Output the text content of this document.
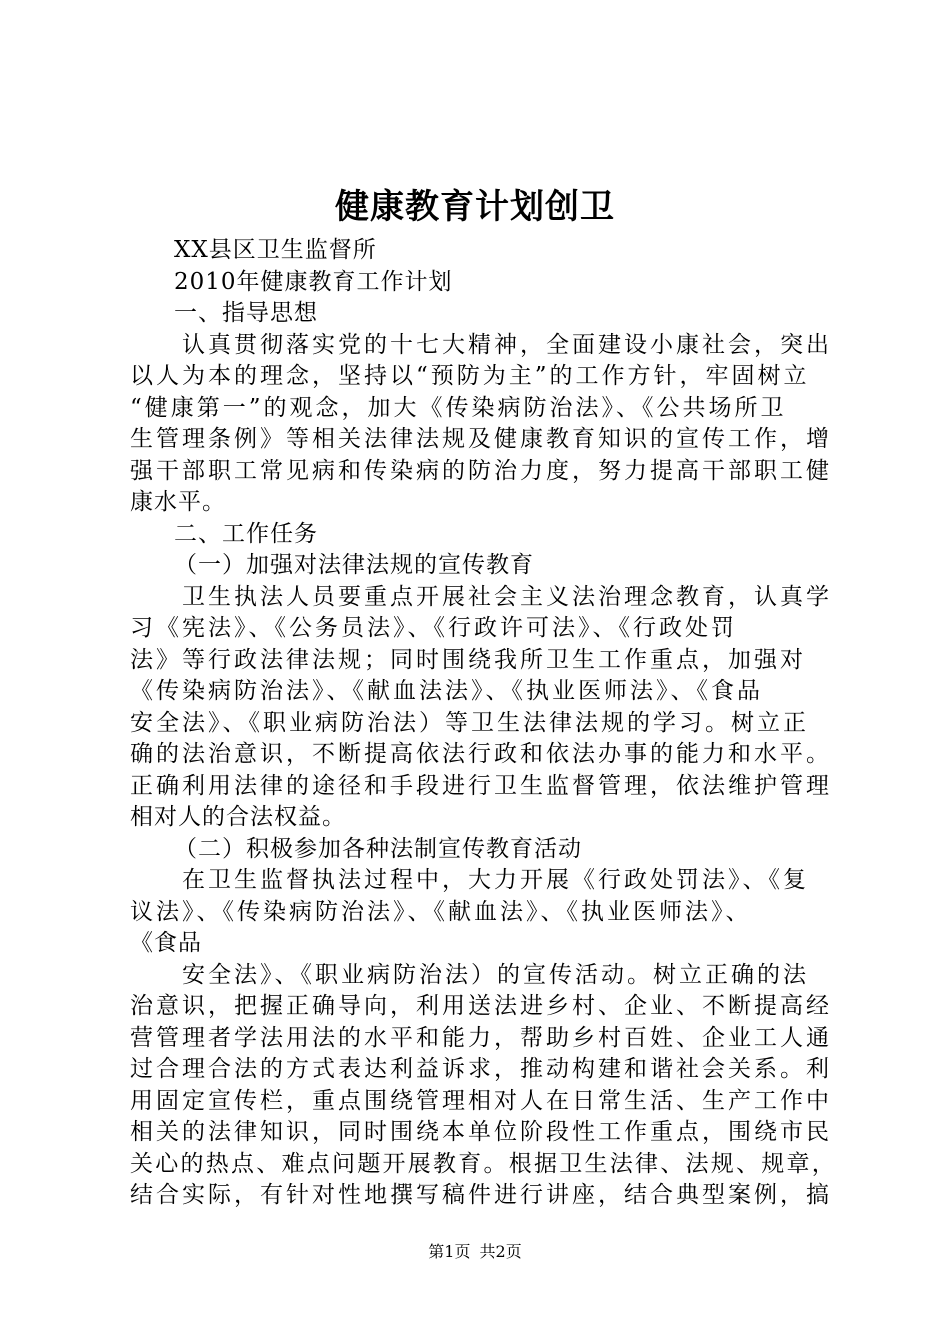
健康教育计划创卫

XX县区卫生监督所

2010年健康教育工作计划

一、指导思想

认真贯彻落实党的十七大精神，全面建设小康社会，突出

以人为本的理念，坚持以“预防为主”的工作方针，牢固树立

“健康第一”的观念，加大《传染病防治法》、《公共场所卫

生管理条例》等相关法律法规及健康教育知识的宣传工作，增

强干部职工常见病和传染病的防治力度，努力提高干部职工健

康水平。

二、工作任务

（一）加强对法律法规的宣传教育

卫生执法人员要重点开展社会主义法治理念教育，认真学

习《宪法》、《公务员法》、《行政许可法》、《行政处罚

法》等行政法律法规；同时围绕我所卫生工作重点，加强对

《传染病防治法》、《献血法法》、《执业医师法》、《食品

安全法》、《职业病防治法）等卫生法律法规的学习。树立正

确的法治意识，不断提高依法行政和依法办事的能力和水平。

正确利用法律的途径和手段进行卫生监督管理，依法维护管理

相对人的合法权益。

（二）积极参加各种法制宣传教育活动

在卫生监督执法过程中，大力开展《行政处罚法》、《复

议法》、《传染病防治法》、《献血法》、《执业医师法》、

《食品

安全法》、《职业病防治法）的宣传活动。树立正确的法

治意识，把握正确导向，利用送法进乡村、企业、不断提高经

营管理者学法用法的水平和能力，帮助乡村百姓、企业工人通

过合理合法的方式表达利益诉求，推动构建和谐社会关系。利

用固定宣传栏，重点围绕管理相对人在日常生活、生产工作中

相关的法律知识，同时围绕本单位阶段性工作重点，围绕市民

关心的热点、难点问题开展教育。根据卫生法律、法规、规章，

结合实际，有针对性地撰写稿件进行讲座，结合典型案例，搞

第1页 共2页
